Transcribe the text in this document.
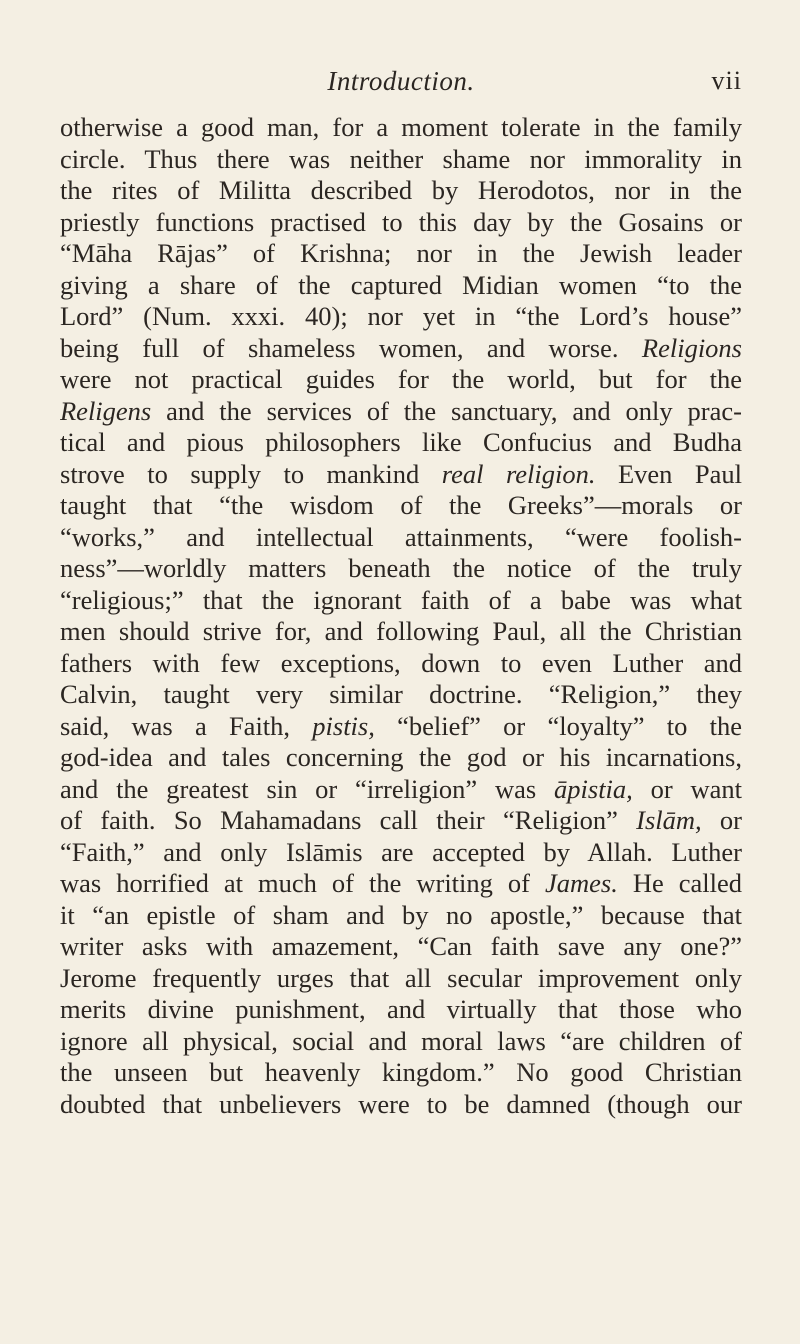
Introduction.	vii
otherwise a good man, for a moment tolerate in the family
circle. Thus there was neither shame nor immorality in
the rites of Militta described by Herodotos, nor in the
priestly functions practised to this day by the Gosains or
“Māha Rājas” of Krishna; nor in the Jewish leader
giving a share of the captured Midian women “to the
Lord” (Num. xxxi. 40); nor yet in “the Lord’s house”
being full of shameless women, and worse. Religions
were not practical guides for the world, but for the
Religens and the services of the sanctuary, and only prac-
tical and pious philosophers like Confucius and Budha
strove to supply to mankind real religion. Even Paul
taught that “the wisdom of the Greeks”—morals or
“works,” and intellectual attainments, “were foolish-
ness”—worldly matters beneath the notice of the truly
“religious;” that the ignorant faith of a babe was what
men should strive for, and following Paul, all the Christian
fathers with few exceptions, down to even Luther and
Calvin, taught very similar doctrine. “Religion,” they
said, was a Faith, pistis, “belief” or “loyalty” to the
god-idea and tales concerning the god or his incarnations,
and the greatest sin or “irreligion” was āpistia, or want
of faith. So Mahamadans call their “Religion” Islām, or
“Faith,” and only Islāmis are accepted by Allah. Luther
was horrified at much of the writing of James. He called
it “an epistle of sham and by no apostle,” because that
writer asks with amazement, “Can faith save any one?”
Jerome frequently urges that all secular improvement only
merits divine punishment, and virtually that those who
ignore all physical, social and moral laws “are children of
the unseen but heavenly kingdom.” No good Christian
doubted that unbelievers were to be damned (though our
